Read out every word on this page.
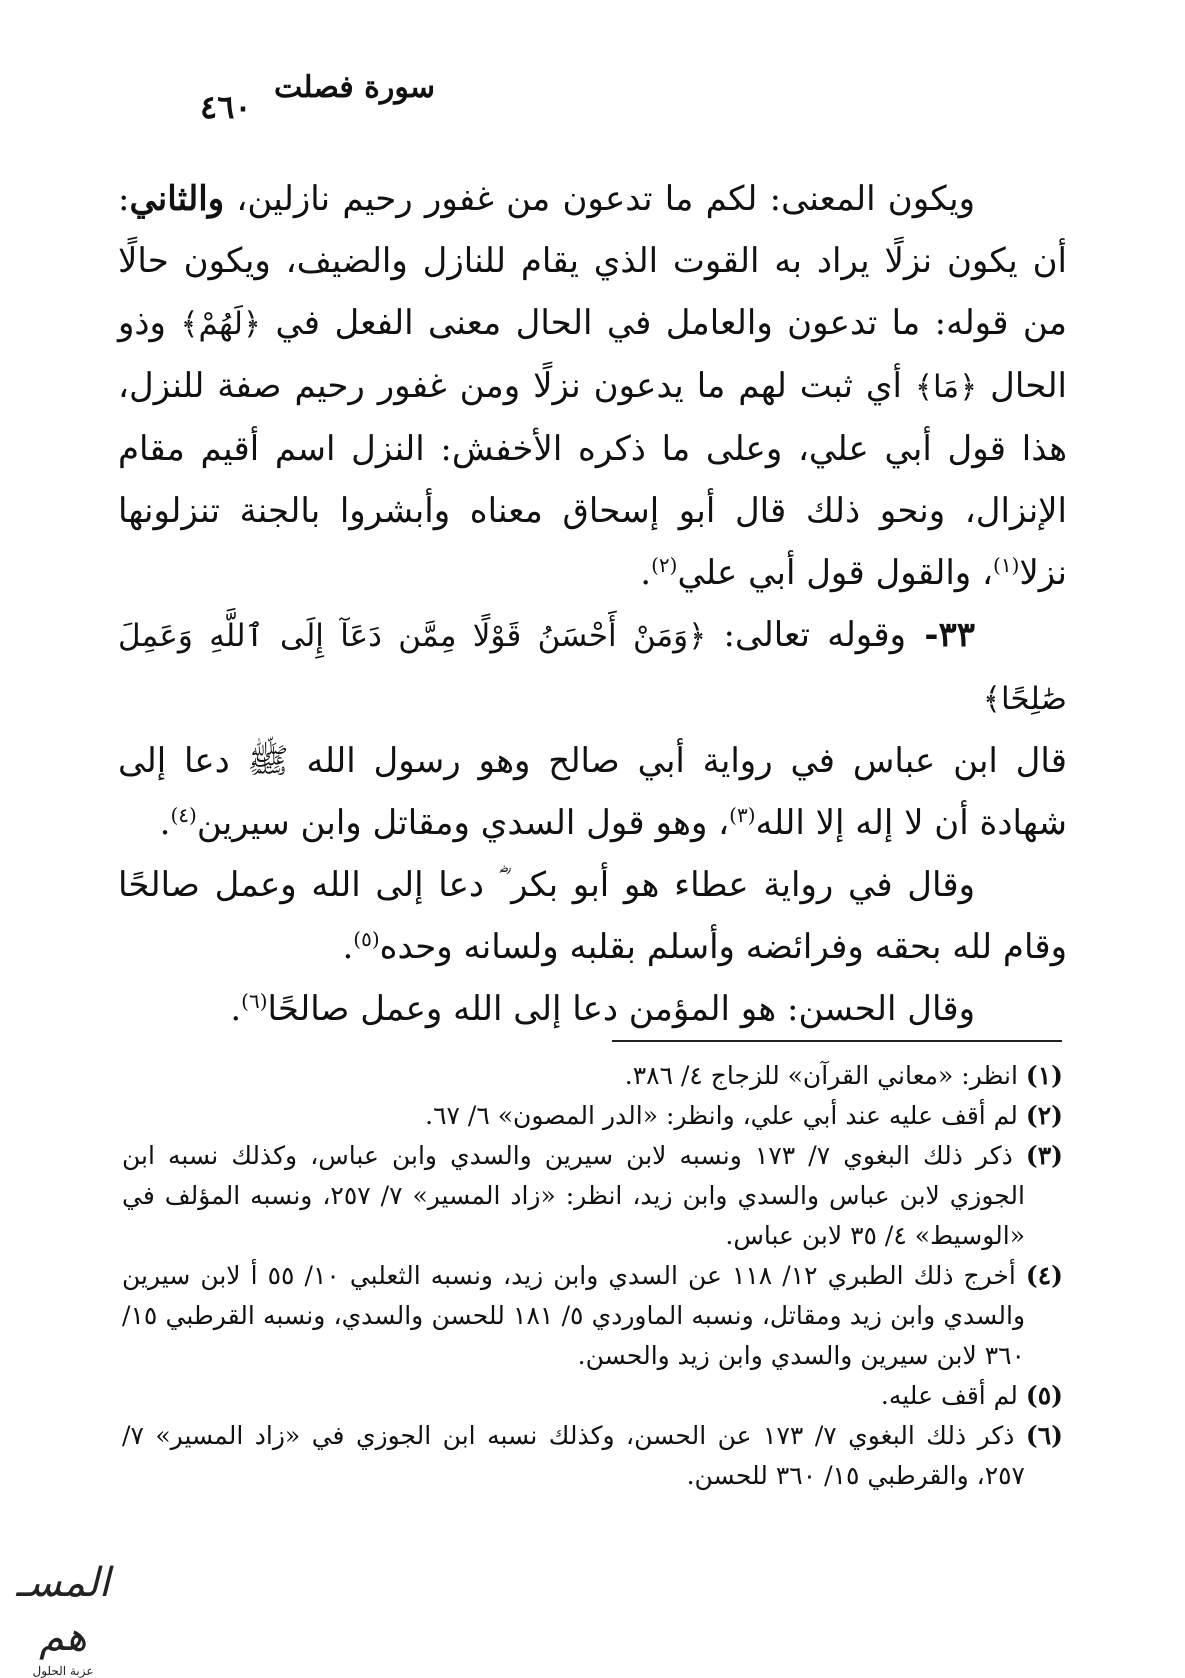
سورة فصلت
٤٦٠

ويكون المعنى: لكم ما تدعون من غفور رحيم نازلين، والثاني: أن يكون نزلًا يراد به القوت الذي يقام للنازل والضيف، ويكون حالًا من قوله: ما تدعون والعامل في الحال معنى الفعل في ﴿لَهُمْ﴾ وذو الحال ﴿مَا﴾ أي ثبت لهم ما يدعون نزلًا ومن غفور رحيم صفة للنزل، هذا قول أبي علي، وعلى ما ذكره الأخفش: النزل اسم أقيم مقام الإنزال، ونحو ذلك قال أبو إسحاق معناه وأبشروا بالجنة تنزلونها نزلا$^{(١)}$، والقول قول أبي علي$^{(٢)}$.

٣٣- وقوله تعالى: ﴿وَمَنْ أَحْسَنُ قَوْلًا مِمَّن دَعَآ إِلَى ٱللَّهِ وَعَمِلَ صَٰلِحًا﴾

قال ابن عباس في رواية أبي صالح وهو رسول الله ﷺ دعا إلى شهادة أن لا إله إلا الله$^{(٣)}$، وهو قول السدي ومقاتل وابن سيرين$^{(٤)}$.

وقال في رواية عطاء هو أبو بكر ؓ دعا إلى الله وعمل صالحًا وقام لله بحقه وفرائضه وأسلم بقلبه ولسانه وحده$^{(٥)}$.

وقال الحسن: هو المؤمن دعا إلى الله وعمل صالحًا$^{(٦)}$.

(١) انظر: «معاني القرآن» للزجاج ٤/ ٣٨٦.

(٢) لم أقف عليه عند أبي علي، وانظر: «الدر المصون» ٦/ ٦٧.

(٣) ذكر ذلك البغوي ٧/ ١٧٣ ونسبه لابن سيرين والسدي وابن عباس، وكذلك نسبه ابن الجوزي لابن عباس والسدي وابن زيد، انظر: «زاد المسير» ٧/ ٢٥٧، ونسبه المؤلف في «الوسيط» ٤/ ٣٥ لابن عباس.

(٤) أخرج ذلك الطبري ١٢/ ١١٨ عن السدي وابن زيد، ونسبه الثعلبي ١٠/ ٥٥ أ لابن سيرين والسدي وابن زيد ومقاتل، ونسبه الماوردي ٥/ ١٨١ للحسن والسدي، ونسبه القرطبي ١٥/ ٣٦٠ لابن سيرين والسدي وابن زيد والحسن.

(٥) لم أقف عليه.

(٦) ذكر ذلك البغوي ٧/ ١٧٣ عن الحسن، وكذلك نسبه ابن الجوزي في «زاد المسير» ٧/ ٢٥٧، والقرطبي ١٥/ ٣٦٠ للحسن.

المسـ هم
عزبة الحلول
